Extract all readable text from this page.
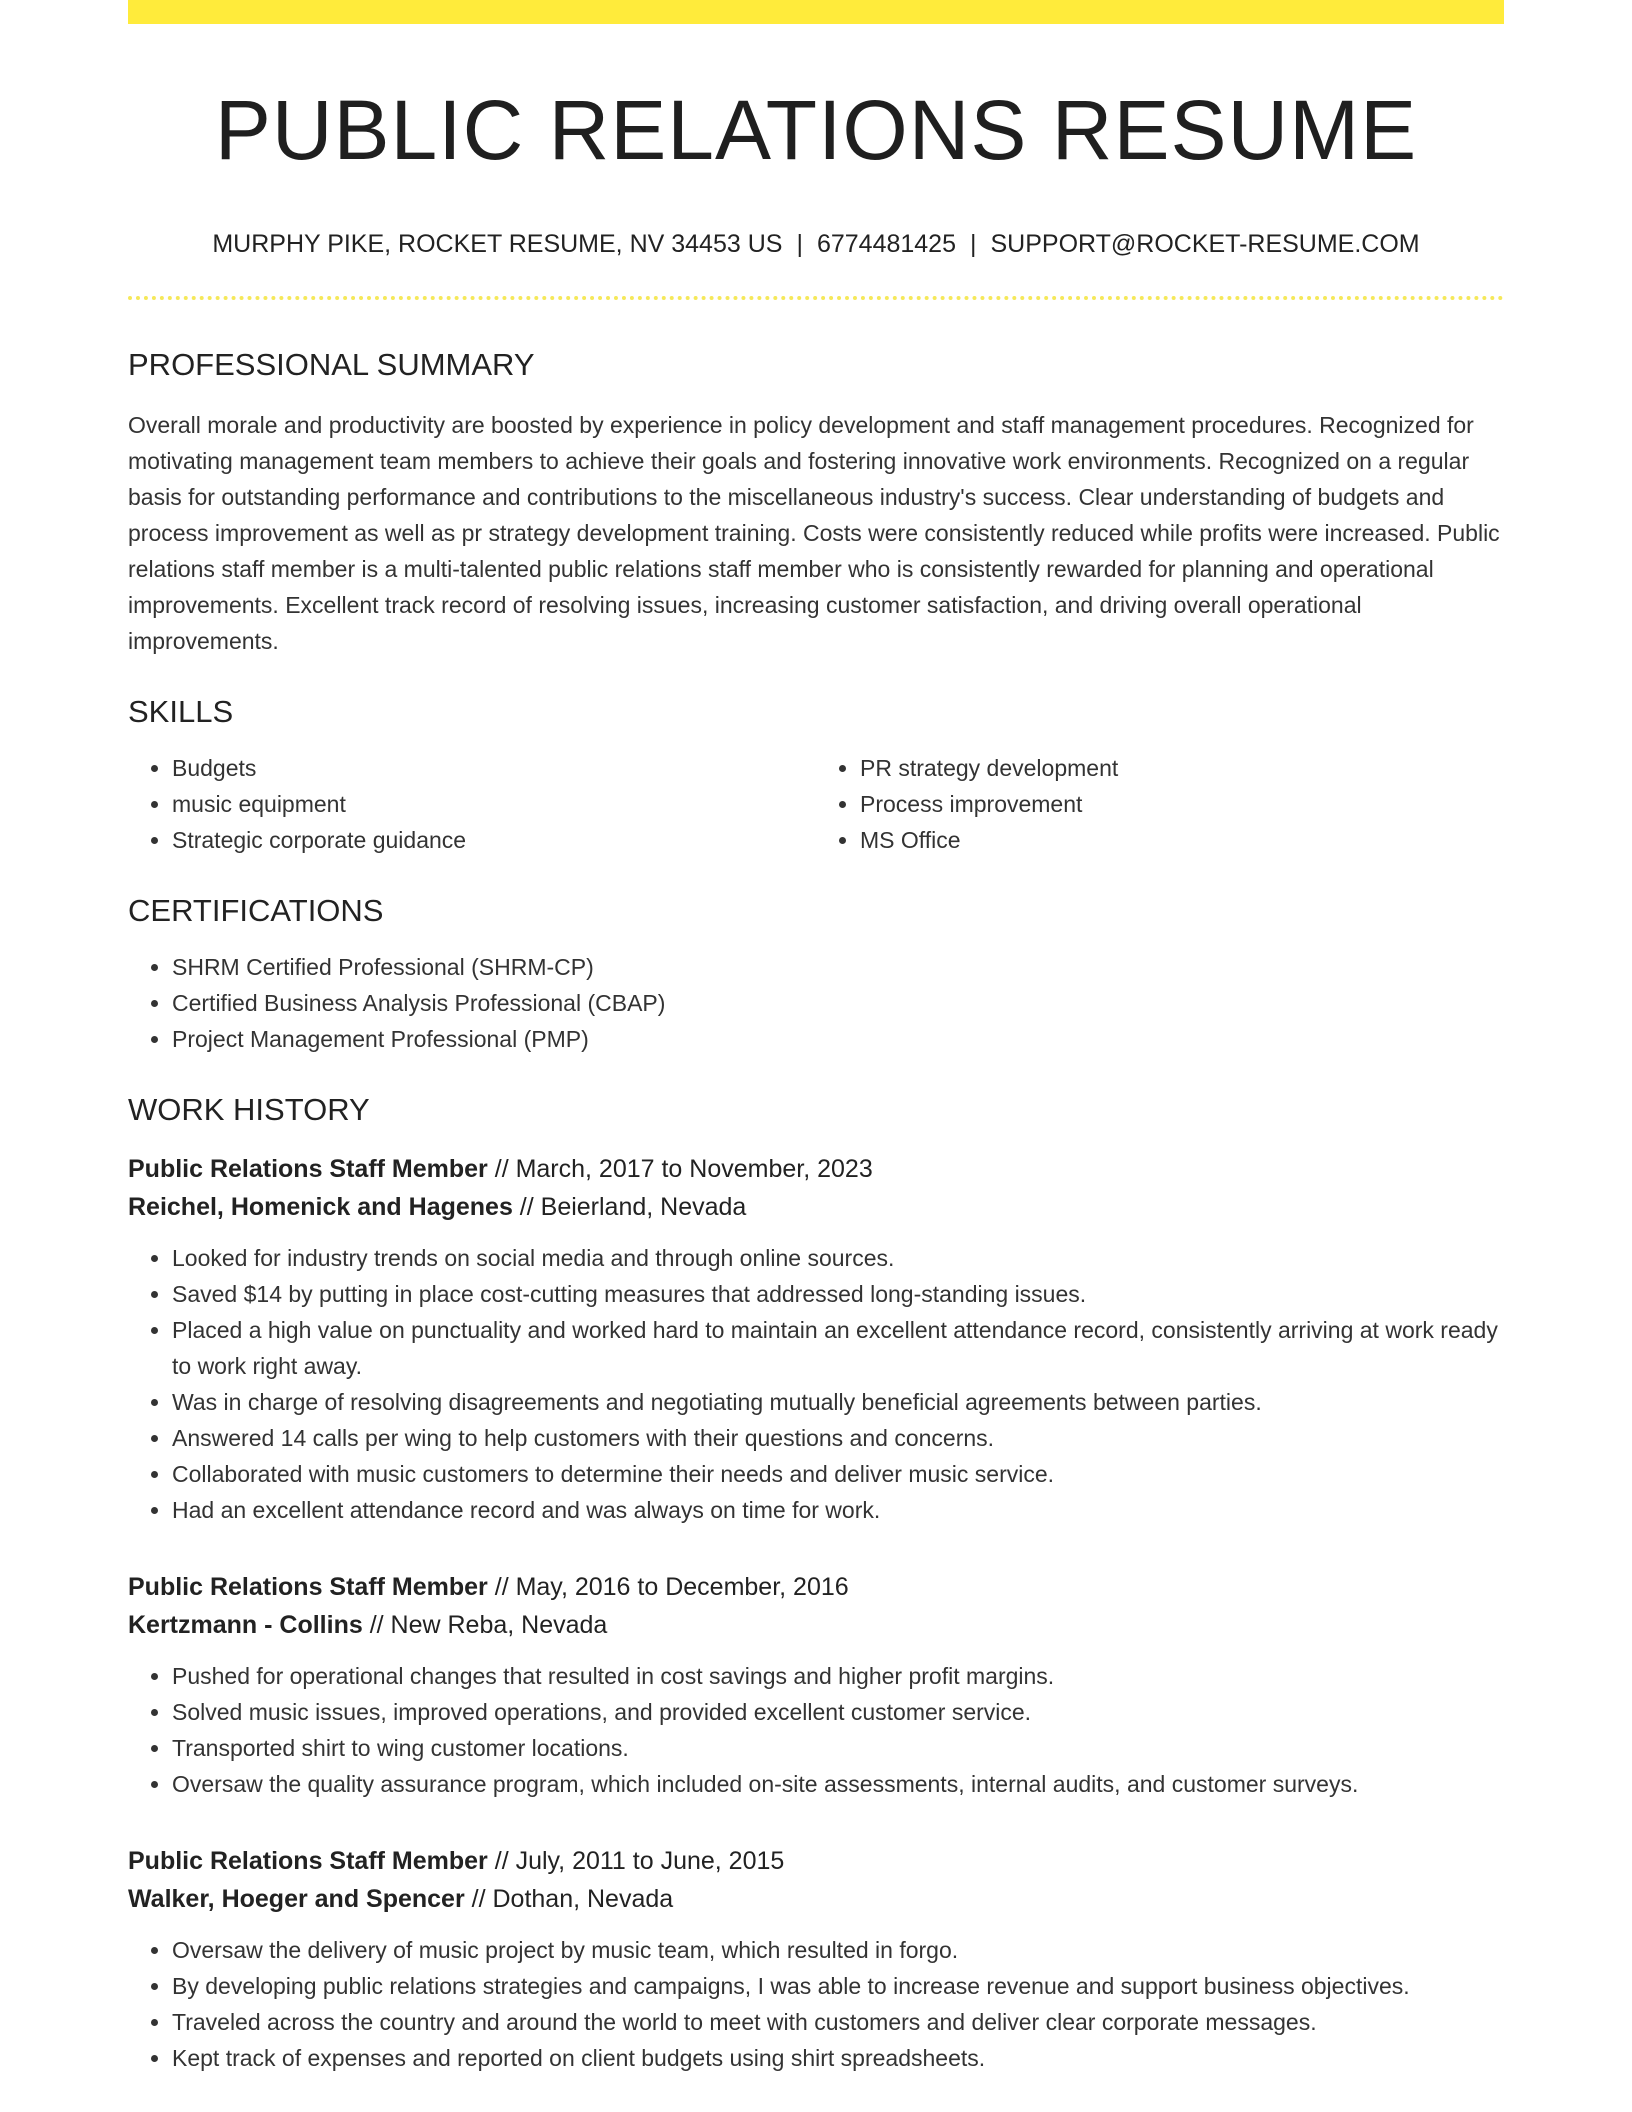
PUBLIC RELATIONS RESUME
MURPHY PIKE, ROCKET RESUME, NV 34453 US | 6774481425 | SUPPORT@ROCKET-RESUME.COM
PROFESSIONAL SUMMARY

Overall morale and productivity are boosted by experience in policy development and staff management procedures. Recognized for motivating management team members to achieve their goals and fostering innovative work environments. Recognized on a regular basis for outstanding performance and contributions to the miscellaneous industry's success. Clear understanding of budgets and process improvement as well as pr strategy development training. Costs were consistently reduced while profits were increased. Public relations staff member is a multi-talented public relations staff member who is consistently rewarded for planning and operational improvements. Excellent track record of resolving issues, increasing customer satisfaction, and driving overall operational improvements.

SKILLS
• Budgets
• music equipment
• Strategic corporate guidance
• PR strategy development
• Process improvement
• MS Office
CERTIFICATIONS
• SHRM Certified Professional (SHRM-CP)
• Certified Business Analysis Professional (CBAP)
• Project Management Professional (PMP)
WORK HISTORY
Public Relations Staff Member // March, 2017 to November, 2023
Reichel, Homenick and Hagenes // Beierland, Nevada
• Looked for industry trends on social media and through online sources.
• Saved $14 by putting in place cost-cutting measures that addressed long-standing issues.
• Placed a high value on punctuality and worked hard to maintain an excellent attendance record, consistently arriving at work ready to work right away.
• Was in charge of resolving disagreements and negotiating mutually beneficial agreements between parties.
• Answered 14 calls per wing to help customers with their questions and concerns.
• Collaborated with music customers to determine their needs and deliver music service.
• Had an excellent attendance record and was always on time for work.
Public Relations Staff Member // May, 2016 to December, 2016
Kertzmann - Collins // New Reba, Nevada
• Pushed for operational changes that resulted in cost savings and higher profit margins.
• Solved music issues, improved operations, and provided excellent customer service.
• Transported shirt to wing customer locations.
• Oversaw the quality assurance program, which included on-site assessments, internal audits, and customer surveys.
Public Relations Staff Member // July, 2011 to June, 2015
Walker, Hoeger and Spencer // Dothan, Nevada
• Oversaw the delivery of music project by music team, which resulted in forgo.
• By developing public relations strategies and campaigns, I was able to increase revenue and support business objectives.
• Traveled across the country and around the world to meet with customers and deliver clear corporate messages.
• Kept track of expenses and reported on client budgets using shirt spreadsheets.
